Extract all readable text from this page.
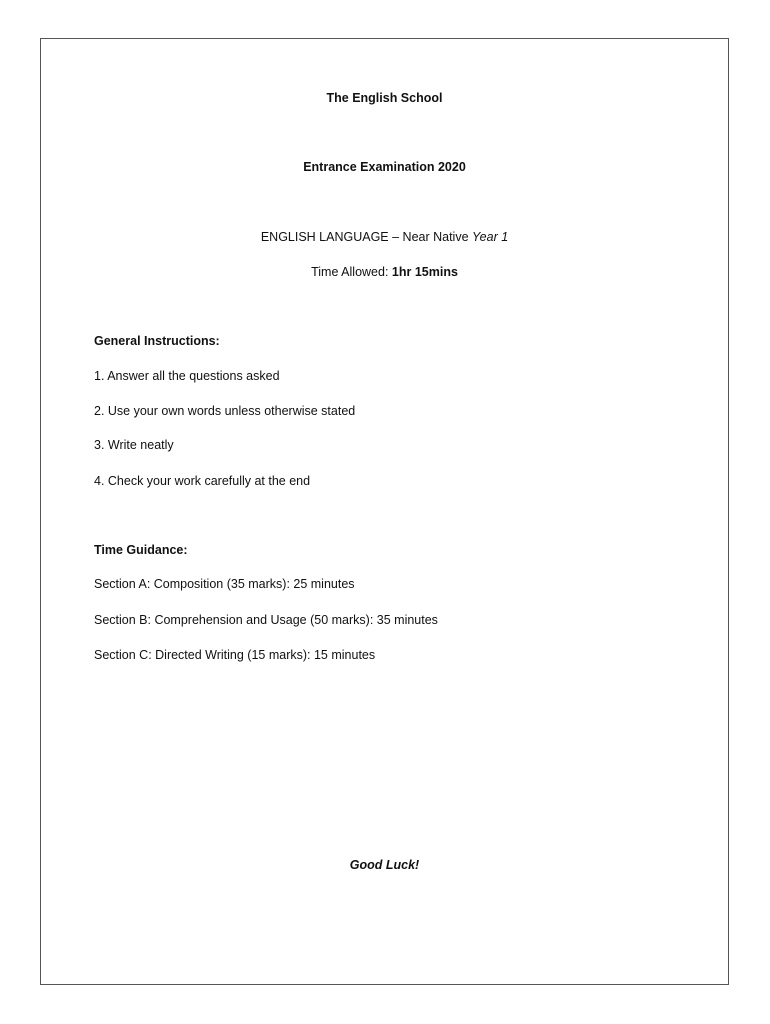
The English School
Entrance Examination 2020
ENGLISH LANGUAGE – Near Native Year 1
Time Allowed: 1hr 15mins
General Instructions:
1. Answer all the questions asked
2. Use your own words unless otherwise stated
3. Write neatly
4. Check your work carefully at the end
Time Guidance:
Section A: Composition (35 marks): 25 minutes
Section B: Comprehension and Usage (50 marks): 35 minutes
Section C: Directed Writing (15 marks): 15 minutes
Good Luck!
